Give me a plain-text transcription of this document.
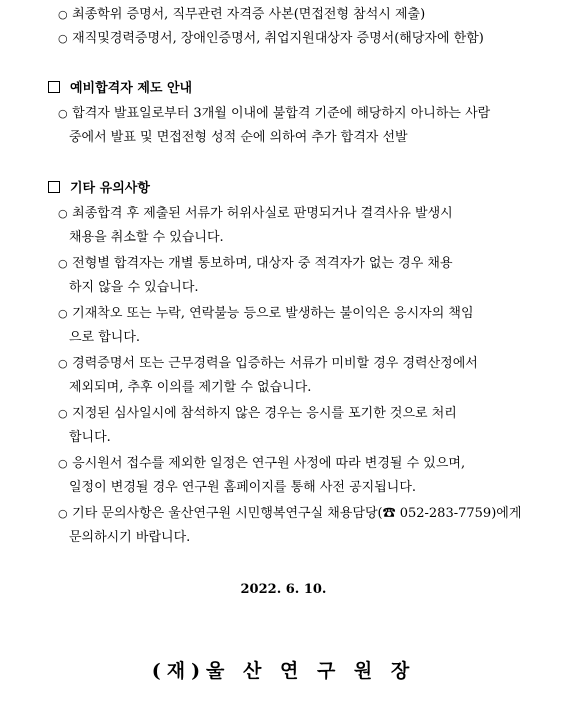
○ 최종학위 증명서, 직무관련 자격증 사본(면접전형 참석시 제출)
○ 재직및경력증명서, 장애인증명서, 취업지원대상자 증명서(해당자에 한함)
예비합격자 제도 안내
○ 합격자 발표일로부터 3개월 이내에 불합격 기준에 해당하지 아니하는 사람
중에서 발표 및 면접전형 성적 순에 의하여 추가 합격자 선발
기타 유의사항
○ 최종합격 후 제출된 서류가 허위사실로 판명되거나 결격사유 발생시
채용을 취소할 수 있습니다.
○ 전형별 합격자는 개별 통보하며, 대상자 중 적격자가 없는 경우 채용
하지 않을 수 있습니다.
○ 기재착오 또는 누락, 연락불능 등으로 발생하는 불이익은 응시자의 책임
으로 합니다.
○ 경력증명서 또는 근무경력을 입증하는 서류가 미비할 경우 경력산정에서
제외되며, 추후 이의를 제기할 수 없습니다.
○ 지정된 심사일시에 참석하지 않은 경우는 응시를 포기한 것으로 처리
합니다.
○ 응시원서 접수를 제외한 일정은 연구원 사정에 따라 변경될 수 있으며,
일정이 변경될 경우 연구원 홈페이지를 통해 사전 공지됩니다.
○ 기타 문의사항은 울산연구원 시민행복연구실 채용담당(☎ 052-283-7759)에게
문의하시기 바랍니다.
2022. 6. 10.
(재)울 산 연 구 원 장
